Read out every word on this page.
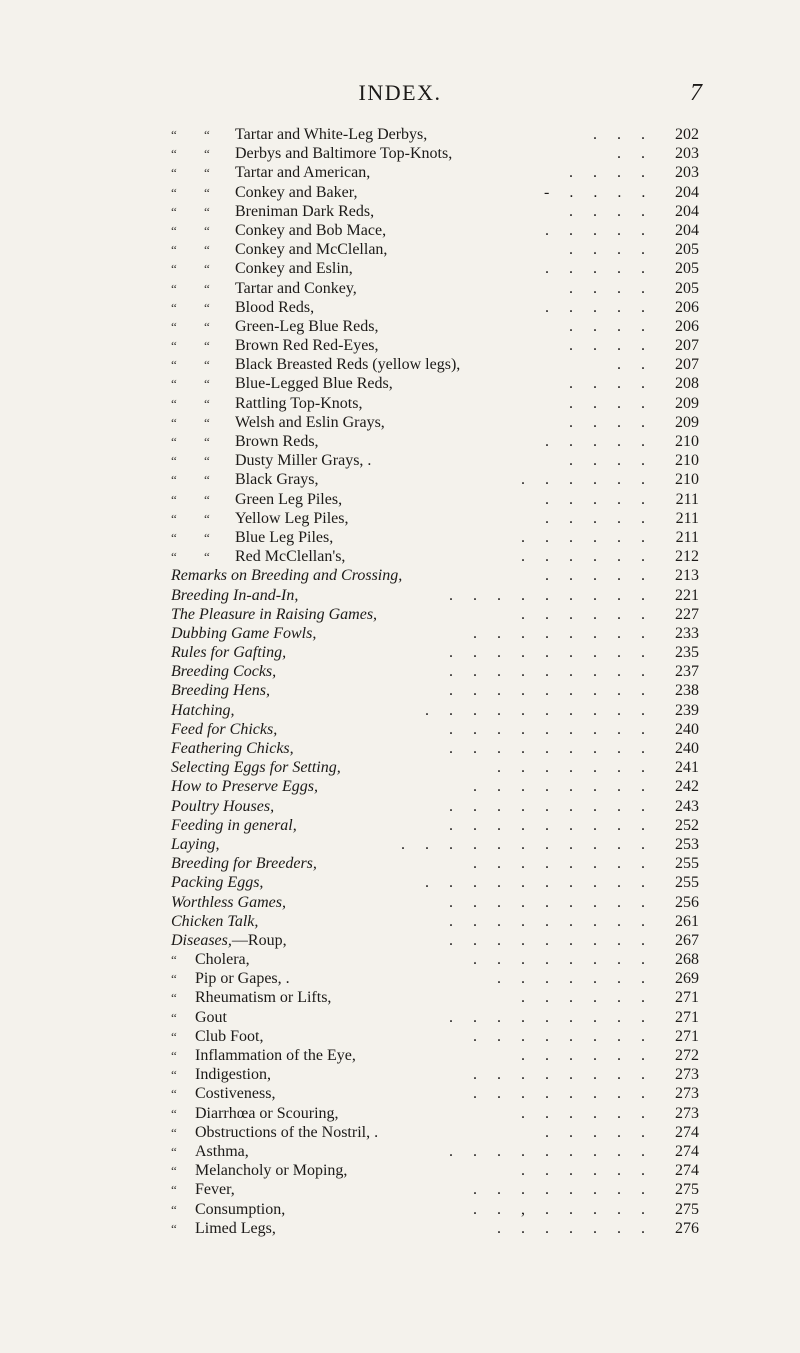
INDEX.	7
“ “ Tartar and White-Leg Derbys,	.     .     .	202
“ “ Derbys and Baltimore Top-Knots,	.     .	203
“ “ Tartar and American,	.     .     .     .	203
“ “ Conkey and Baker,	-     .     .     .     .	204
“ “ Breniman Dark Reds,	.     .     .     .	204
“ “ Conkey and Bob Mace,	.     .     .     .     .	204
“ “ Conkey and McClellan,	.     .     .     .	205
“ “ Conkey and Eslin,	.     .     .     .     .	205
“ “ Tartar and Conkey,	.     .     .     .	205
“ “ Blood Reds,	.     .     .     .     .	206
“ “ Green-Leg Blue Reds,	.     .     .     .	206
“ “ Brown Red Red-Eyes,	.     .     .     .	207
“ “ Black Breasted Reds (yellow legs),	.     .	207
“ “ Blue-Legged Blue Reds,	.     .     .     .	208
“ “ Rattling Top-Knots,	.     .     .     .	209
“ “ Welsh and Eslin Grays,	.     .     .     .	209
“ “ Brown Reds,	.     .     .     .     .	210
“ “ Dusty Miller Grays, .	.     .     .     .	210
“ “ Black Grays,	.     .     .     .     .     .	210
“ “ Green Leg Piles,	.     .     .     .     .	211
“ “ Yellow Leg Piles,	.     .     .     .     .	211
“ “ Blue Leg Piles,	.     .     .     .     .     .	211
“ “ Red McClellan's,	.     .     .     .     .     .	212
Remarks on Breeding and Crossing,	.     .     .     .     .	213
Breeding In-and-In,	.     .     .     .     .     .     .     .     .	221
The Pleasure in Raising Games,	.     .     .     .     .     .	227
Dubbing Game Fowls,	.     .     .     .     .     .     .     .	233
Rules for Gafting,	.     .     .     .     .     .     .     .     .	235
Breeding Cocks,	.     .     .     .     .     .     .     .     .	237
Breeding Hens,	.     .     .     .     .     .     .     .     .	238
Hatching,	.     .     .     .     .     .     .     .     .     .	239
Feed for Chicks,	.     .     .     .     .     .     .     .     .	240
Feathering Chicks,	.     .     .     .     .     .     .     .     .	240
Selecting Eggs for Setting,	.     .     .     .     .     .     .	241
How to Preserve Eggs,	.     .     .     .     .     .     .     .	242
Poultry Houses,	.     .     .     .     .     .     .     .     .	243
Feeding in general,	.     .     .     .     .     .     .     .     .	252
Laying,	.     .     .     .     .     .     .     .     .     .     .	253
Breeding for Breeders,	.     .     .     .     .     .     .     .	255
Packing Eggs,	.     .     .     .     .     .     .     .     .     .	255
Worthless Games,	.     .     .     .     .     .     .     .     .	256
Chicken Talk,	.     .     .     .     .     .     .     .     .	261
Diseases,—Roup,	.     .     .     .     .     .     .     .     .	267
“ Cholera,	.     .     .     .     .     .     .     .	268
“ Pip or Gapes, .	.     .     .     .     .     .     .	269
“ Rheumatism or Lifts,	.     .     .     .     .     .	271
“ Gout	.     .     .     .     .     .     .     .     .	271
“ Club Foot,	.     .     .     .     .     .     .     .	271
“ Inflammation of the Eye,	.     .     .     .     .     .	272
“ Indigestion,	.     .     .     .     .     .     .     .	273
“ Costiveness,	.     .     .     .     .     .     .     .	273
“ Diarrhœa or Scouring,	.     .     .     .     .     .	273
“ Obstructions of the Nostril, .	.     .     .     .     .	274
“ Asthma,	.     .     .     .     .     .     .     .     .	274
“ Melancholy or Moping,	.     .     .     .     .     .	274
“ Fever,	.     .     .     .     .     .     .     .	275
“ Consumption,	.     .     ,     .     .     .     .     .	275
“ Limed Legs,	.     .     .     .     .     .     .	276
